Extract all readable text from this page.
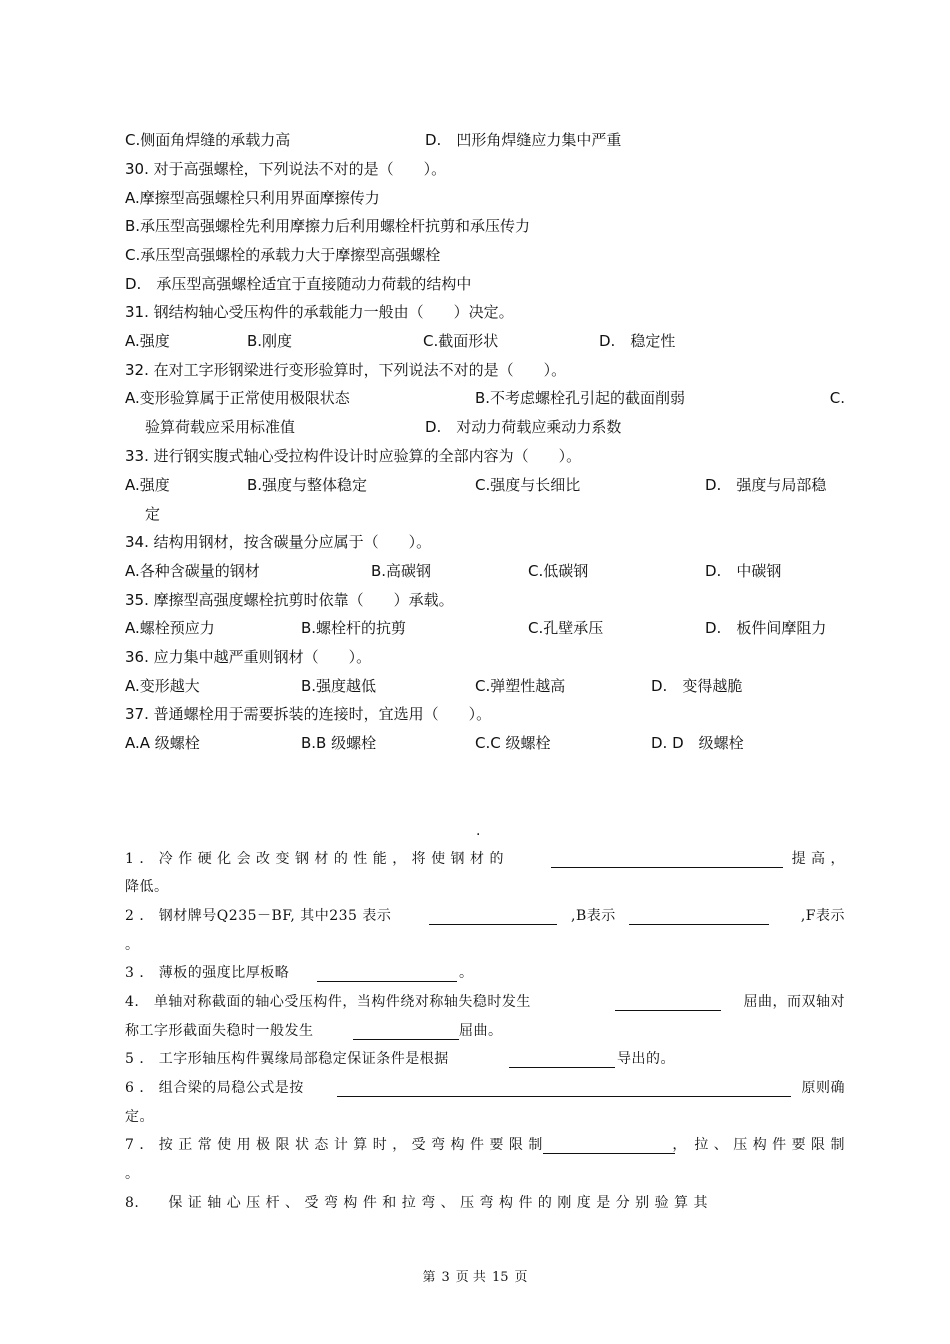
C.侧面角焊缝的承载力高	D.　凹形角焊缝应力集中严重
30. 对于高强螺栓，下列说法不对的是（　　）。
A.摩擦型高强螺栓只利用界面摩擦传力
B.承压型高强螺栓先利用摩擦力后利用螺栓杆抗剪和承压传力
C.承压型高强螺栓的承载力大于摩擦型高强螺栓
D.　承压型高强螺栓适宜于直接随动力荷载的结构中
31. 钢结构轴心受压构件的承载能力一般由（　　）决定。
A.强度	B.刚度	C.截面形状	D.　稳定性
32. 在对工字形钢梁进行变形验算时，下列说法不对的是（　　）。
A.变形验算属于正常使用极限状态	B.不考虑螺栓孔引起的截面削弱	C.
验算荷载应采用标准值	D.　对动力荷载应乘动力系数
33. 进行钢实腹式轴心受拉构件设计时应验算的全部内容为（　　）。
A.强度	B.强度与整体稳定	C.强度与长细比	D.　强度与局部稳
定
34. 结构用钢材，按含碳量分应属于（　　）。
A.各种含碳量的钢材	B.高碳钢	C.低碳钢	D.　中碳钢
35. 摩擦型高强度螺栓抗剪时依靠（　　）承载。
A.螺栓预应力	B.螺栓杆的抗剪	C.孔壁承压	D.　板件间摩阻力
36. 应力集中越严重则钢材（　　）。
A.变形越大	B.强度越低	C.弹塑性越高	D.　变得越脆
37. 普通螺栓用于需要拆装的连接时，宜选用（　　）。
A.A 级螺栓	B.B 级螺栓	C.C 级螺栓	D. D　级螺栓
.
1 ． 冷 作 硬 化 会 改 变 钢 材 的 性 能 ， 将 使 钢 材 的	提 高 ，
降低。
2 ． 钢材牌号Q235－BF, 其中235 表示	,B表示	,F表示
。
3 ． 薄板的强度比厚板略	。
4.　单轴对称截面的轴心受压构件，当构件绕对称轴失稳时发生	屈曲，而双轴对
称工字形截面失稳时一般发生	屈曲。
5 ． 工字形轴压构件翼缘局部稳定保证条件是根据	导出的。
6 ． 组合梁的局稳公式是按	原则确
定。
7 ． 按 正 常 使 用 极 限 状 态 计 算 时 ， 受 弯 构 件 要 限 制	，　拉 、 压 构 件 要 限 制
。
8.　　保 证 轴 心 压 杆 、 受 弯 构 件 和 拉 弯 、 压 弯 构 件 的 刚 度 是 分 别 验 算 其
第 3 页 共 15 页
